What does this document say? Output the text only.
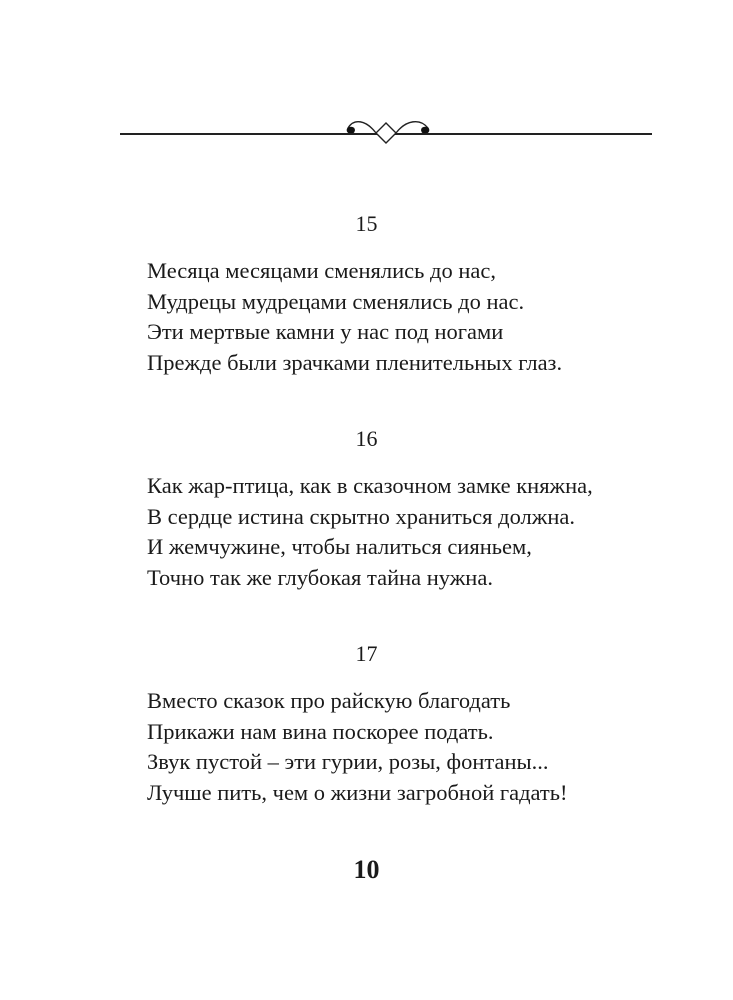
15
Месяца месяцами сменялись до нас,
Мудрецы мудрецами сменялись до нас.
Эти мертвые камни у нас под ногами
Прежде были зрачками пленительных глаз.
16
Как жар-птица, как в сказочном замке княжна,
В сердце истина скрытно храниться должна.
И жемчужине, чтобы налиться сияньем,
Точно так же глубокая тайна нужна.
17
Вместо сказок про райскую благодать
Прикажи нам вина поскорее подать.
Звук пустой – эти гурии, розы, фонтаны...
Лучше пить, чем о жизни загробной гадать!
10
